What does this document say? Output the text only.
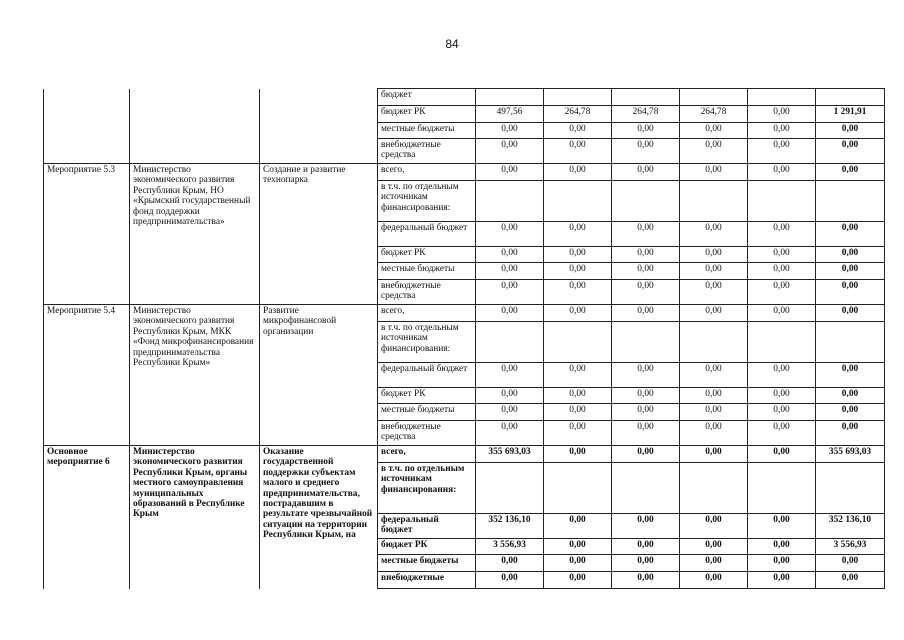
84
			бюджет						
			бюджет РК	497,56	264,78	264,78	264,78	0,00	1 291,91
			местные бюджеты	0,00	0,00	0,00	0,00	0,00	0,00
			внебюджетные средства	0,00	0,00	0,00	0,00	0,00	0,00
Мероприятие 5.3	Министерство экономического развития Республики Крым, НО «Крымский государственный фонд поддержки предпринимательства»	Создание и развитие технопарка	всего,	0,00	0,00	0,00	0,00	0,00	0,00
			в т.ч. по отдельным источникам финансирования:						
			федеральный бюджет	0,00	0,00	0,00	0,00	0,00	0,00
			бюджет РК	0,00	0,00	0,00	0,00	0,00	0,00
			местные бюджеты	0,00	0,00	0,00	0,00	0,00	0,00
			внебюджетные средства	0,00	0,00	0,00	0,00	0,00	0,00
Мероприятие 5.4	Министерство экономического развития Республики Крым, МКК «Фонд микрофинансирования предпринимательства Республики Крым»	Развитие микрофинансовой организации	всего,	0,00	0,00	0,00	0,00	0,00	0,00
			в т.ч. по отдельным источникам финансирования:						
			федеральный бюджет	0,00	0,00	0,00	0,00	0,00	0,00
			бюджет РК	0,00	0,00	0,00	0,00	0,00	0,00
			местные бюджеты	0,00	0,00	0,00	0,00	0,00	0,00
			внебюджетные средства	0,00	0,00	0,00	0,00	0,00	0,00
Основное мероприятие 6	Министерство экономического развития Республики Крым, органы местного самоуправления муниципальных образований в Республике Крым	Оказание государственной поддержки субъектам малого и среднего предпринимательства, пострадавшим в результате чрезвычайной ситуации на территории Республики Крым, на	всего,	355 693,03	0,00	0,00	0,00	0,00	355 693,03
			в т.ч. по отдельным источникам финансирования:						
			федеральный бюджет	352 136,10	0,00	0,00	0,00	0,00	352 136,10
			бюджет РК	3 556,93	0,00	0,00	0,00	0,00	3 556,93
			местные бюджеты	0,00	0,00	0,00	0,00	0,00	0,00
			внебюджетные	0,00	0,00	0,00	0,00	0,00	0,00
